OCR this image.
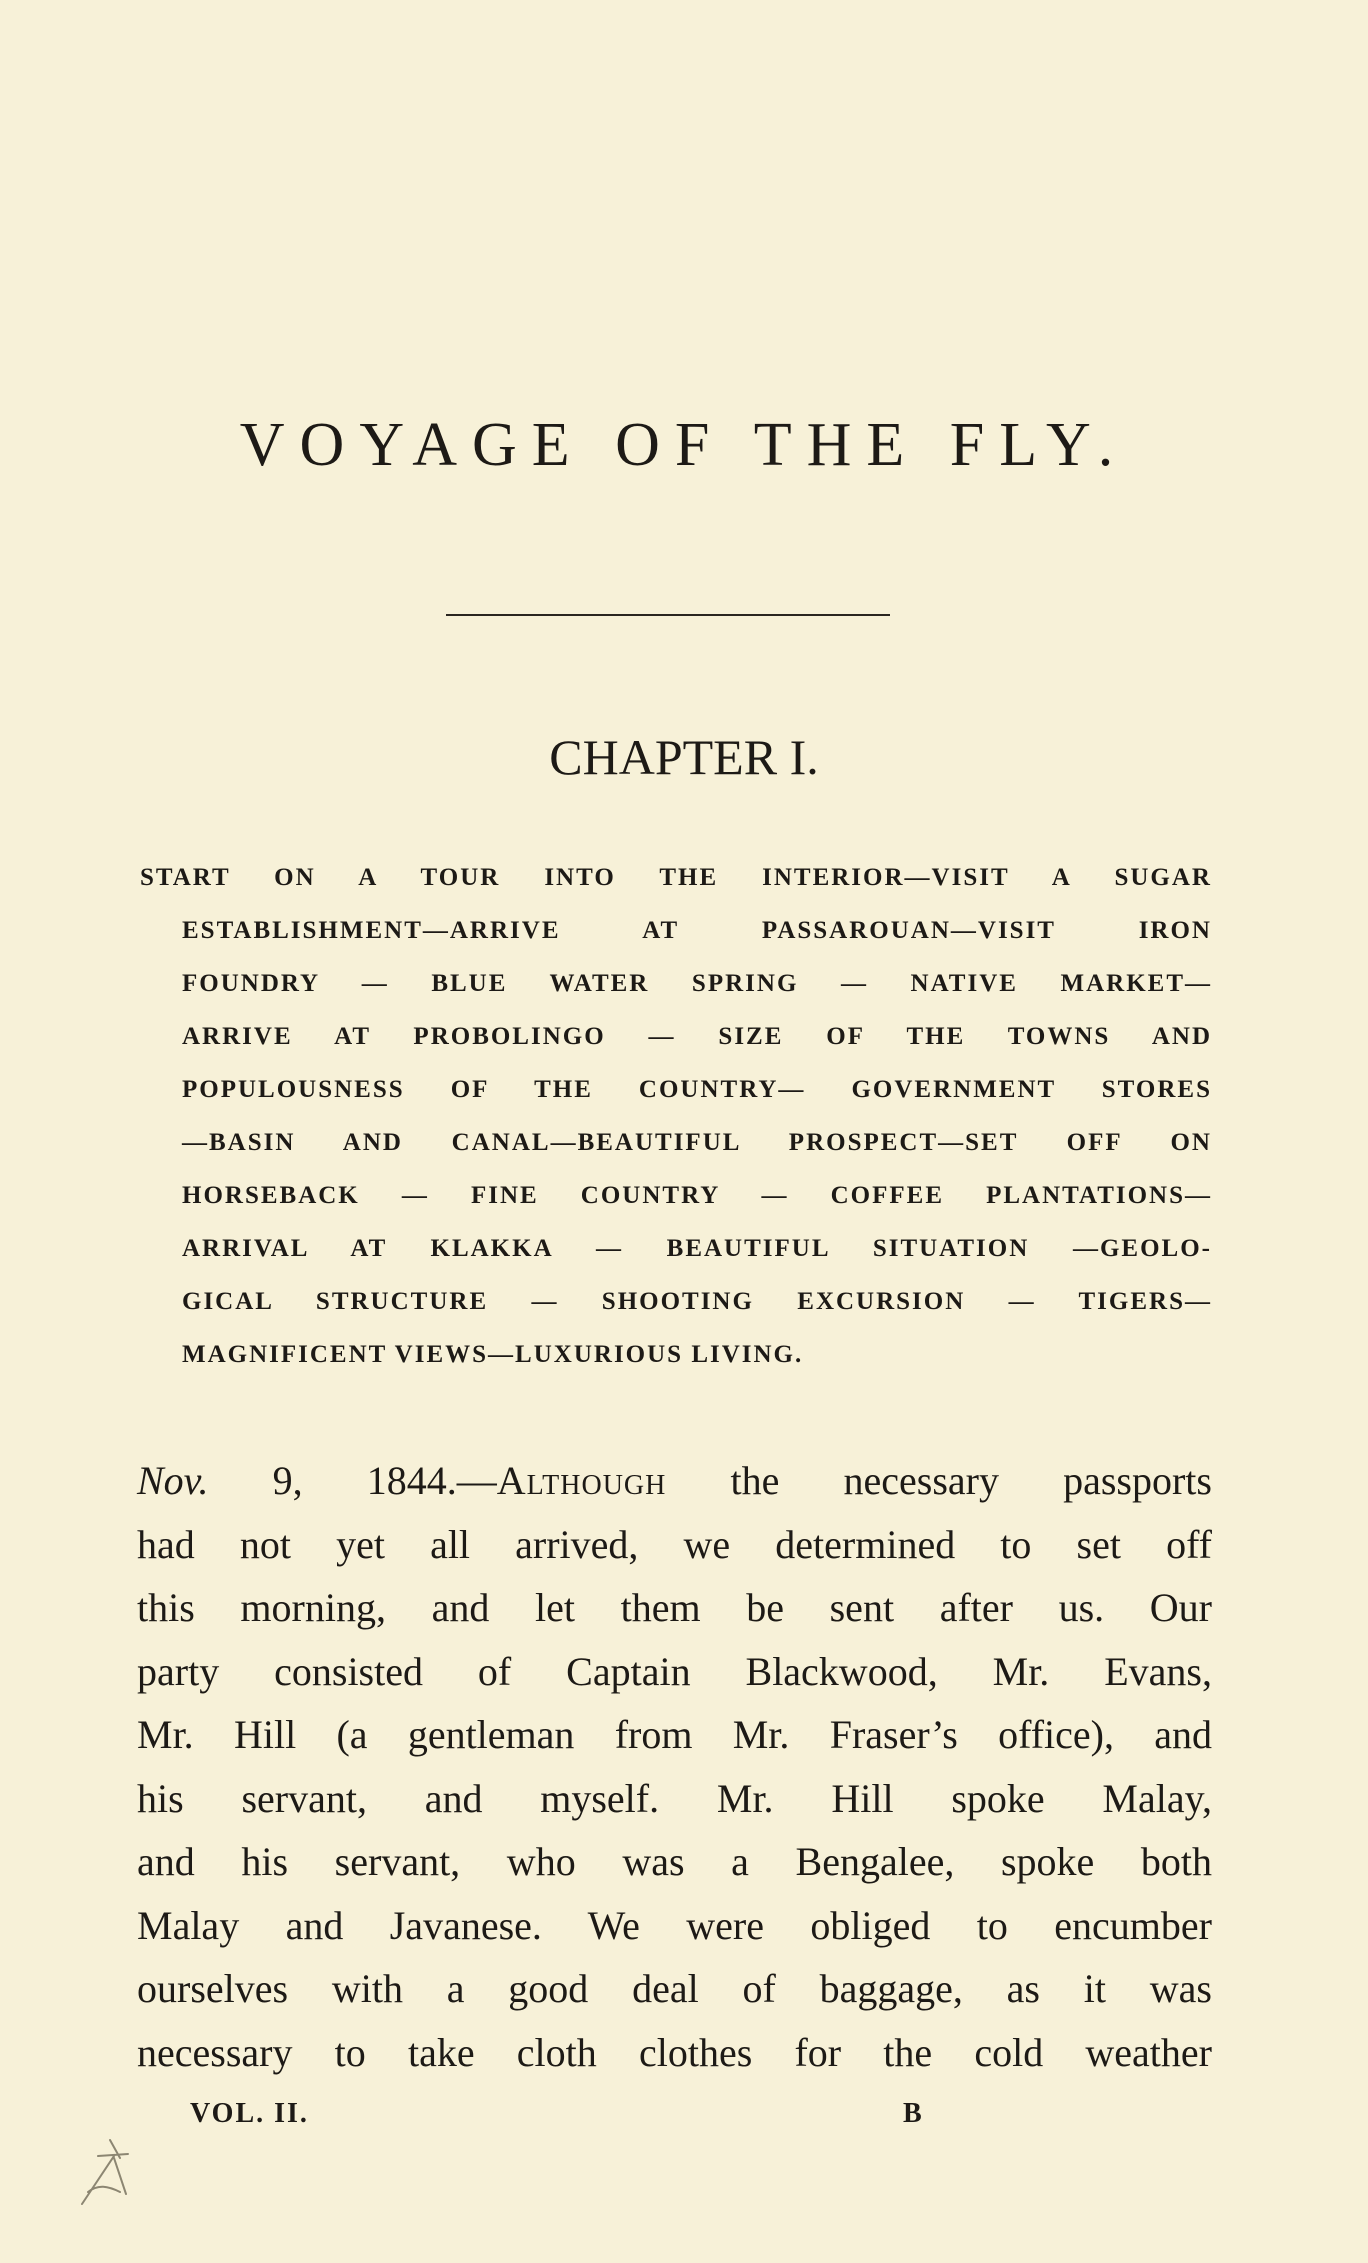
VOYAGE OF THE FLY.
CHAPTER I.
START ON A TOUR INTO THE INTERIOR—VISIT A SUGAR
ESTABLISHMENT—ARRIVE AT PASSAROUAN—VISIT IRON
FOUNDRY — BLUE WATER SPRING — NATIVE MARKET—
ARRIVE AT PROBOLINGO — SIZE OF THE TOWNS AND
POPULOUSNESS OF THE COUNTRY— GOVERNMENT STORES
—BASIN AND CANAL—BEAUTIFUL PROSPECT—SET OFF ON
HORSEBACK — FINE COUNTRY — COFFEE PLANTATIONS—
ARRIVAL AT KLAKKA — BEAUTIFUL SITUATION —GEOLO-
GICAL STRUCTURE — SHOOTING EXCURSION — TIGERS—
MAGNIFICENT VIEWS—LUXURIOUS LIVING.
Nov. 9, 1844.—Although the necessary passports
had not yet all arrived, we determined to set off
this morning, and let them be sent after us. Our
party consisted of Captain Blackwood, Mr. Evans,
Mr. Hill (a gentleman from Mr. Fraser’s office), and
his servant, and myself. Mr. Hill spoke Malay,
and his servant, who was a Bengalee, spoke both
Malay and Javanese. We were obliged to encumber
ourselves with a good deal of baggage, as it was
necessary to take cloth clothes for the cold weather
VOL. II.	B
